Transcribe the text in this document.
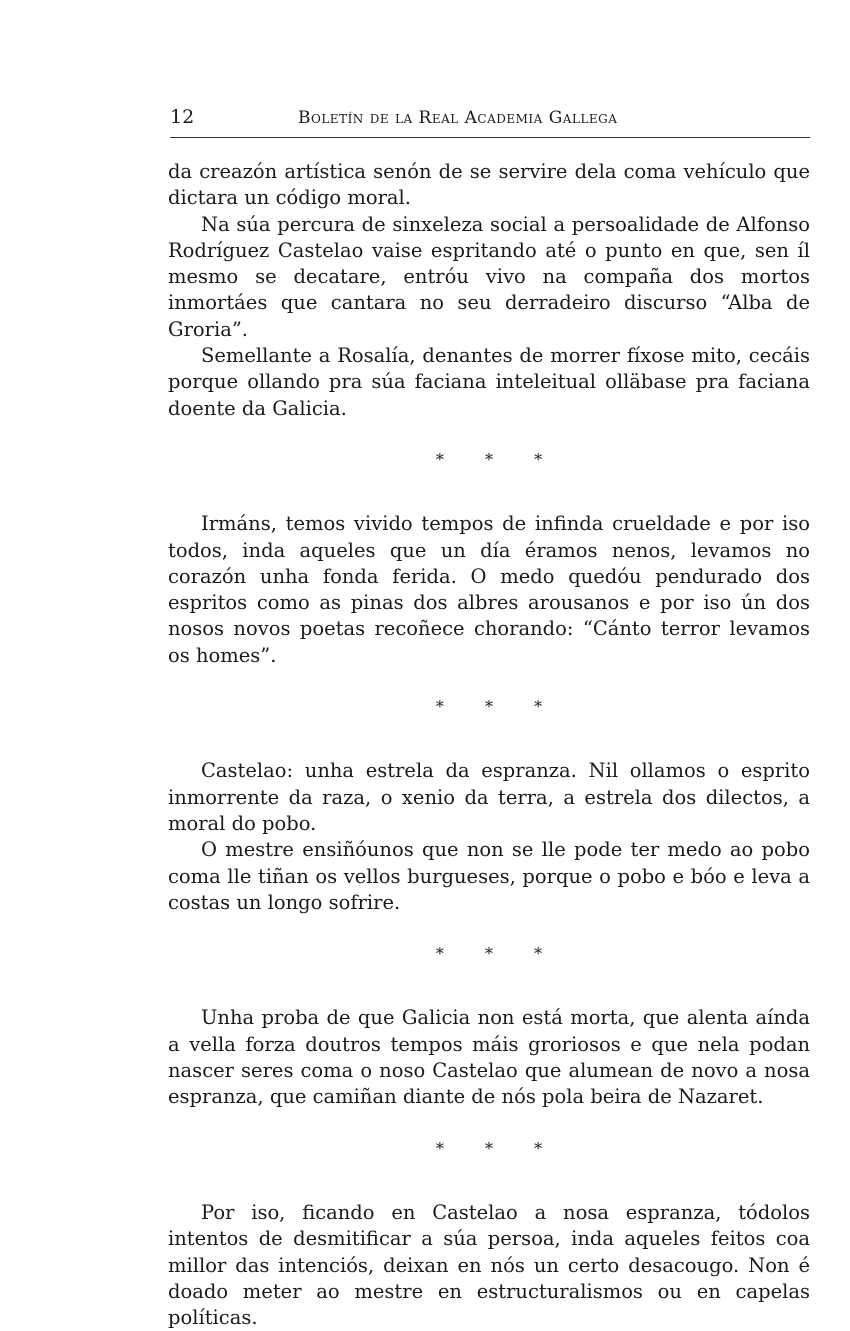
12	Boletín de la Real Academia Gallega

da creazón artística senón de se servire dela coma vehículo que dictara un código moral.

Na súa percura de sinxeleza social a persoalidade de Alfonso Rodríguez Castelao vaise espritando até o punto en que, sen íl mesmo se decatare, entróu vivo na compaña dos mortos inmortáes que cantara no seu derradeiro discurso “Alba de Groria”.

Semellante a Rosalía, denantes de morrer fíxose mito, cecáis porque ollando pra súa faciana inteleitual olläbase pra faciana doente da Galicia.

* * *

Irmáns, temos vivido tempos de infinda crueldade e por iso todos, inda aqueles que un día éramos nenos, levamos no corazón unha fonda ferida. O medo quedóu pendurado dos espritos como as pinas dos albres arousanos e por iso ún dos nosos novos poetas recoñece chorando: “Cánto terror levamos os homes”.

* * *

Castelao: unha estrela da espranza. Nil ollamos o esprito inmorrente da raza, o xenio da terra, a estrela dos dilectos, a moral do pobo.

O mestre ensiñóunos que non se lle pode ter medo ao pobo coma lle tiñan os vellos burgueses, porque o pobo e bóo e leva a costas un longo sofrire.

* * *

Unha proba de que Galicia non está morta, que alenta aínda a vella forza doutros tempos máis groriosos e que nela podan nascer seres coma o noso Castelao que alumean de novo a nosa espranza, que camiñan diante de nós pola beira de Nazaret.

* * *

Por iso, ficando en Castelao a nosa espranza, tódolos intentos de desmitificar a súa persoa, inda aqueles feitos coa millor das intenciós, deixan en nós un certo desacougo. Non é doado meter ao mestre en estructuralismos ou en capelas políticas.
